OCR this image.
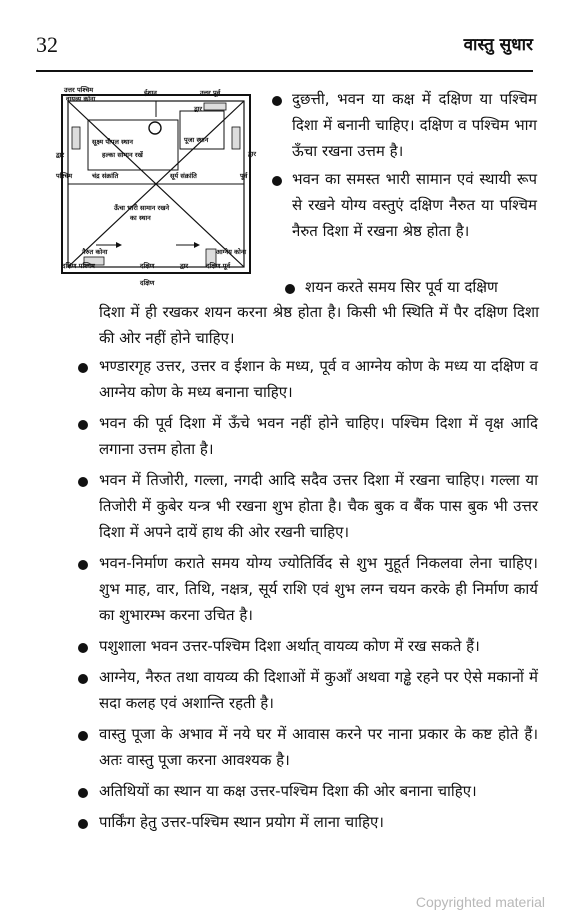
32	वास्तु सुधार
उत्तर पश्चिम
वायव्य कोना
ईशान	उत्तर पूर्व
द्वार
सूक्ष्म पीपल स्थान	पूजा स्थान
हल्का सामान रखें
द्वार	द्वार
पश्चिम	चंद्र संक्रांति	सूर्य संक्रांति	पूर्व
ऊँचा भारी सामान रखने
का स्थान
नैरुत कोना	आग्नेय कोना
दक्षिण पश्चिम	दक्षिण	द्वार	दक्षिण पूर्व
दक्षिण
दुछत्ती, भवन या कक्ष में दक्षिण या पश्चिम दिशा में बनानी चाहिए। दक्षिण व पश्चिम भाग ऊँचा रखना उत्तम है।
भवन का समस्त भारी सामान एवं स्थायी रूप से रखने योग्य वस्तुएं दक्षिण नैरुत या पश्चिम नैरुत दिशा में रखना श्रेष्ठ होता है।
शयन करते समय सिर पूर्व या दक्षिण
दिशा में ही रखकर शयन करना श्रेष्ठ होता है। किसी भी स्थिति में पैर दक्षिण दिशा की ओर नहीं होने चाहिए।
भण्डारगृह उत्तर, उत्तर व ईशान के मध्य, पूर्व व आग्नेय कोण के मध्य या दक्षिण व आग्नेय कोण के मध्य बनाना चाहिए।
भवन की पूर्व दिशा में ऊँचे भवन नहीं होने चाहिए। पश्चिम दिशा में वृक्ष आदि लगाना उत्तम होता है।
भवन में तिजोरी, गल्ला, नगदी आदि सदैव उत्तर दिशा में रखना चाहिए। गल्ला या तिजोरी में कुबेर यन्त्र भी रखना शुभ होता है। चैक बुक व बैंक पास बुक भी उत्तर दिशा में अपने दायें हाथ की ओर रखनी चाहिए।
भवन-निर्माण कराते समय योग्य ज्योतिर्विद से शुभ मुहूर्त निकलवा लेना चाहिए। शुभ माह, वार, तिथि, नक्षत्र, सूर्य राशि एवं शुभ लग्न चयन करके ही निर्माण कार्य का शुभारम्भ करना उचित है।
पशुशाला भवन उत्तर-पश्चिम दिशा अर्थात् वायव्य कोण में रख सकते हैं।
आग्नेय, नैरुत तथा वायव्य की दिशाओं में कुआँ अथवा गड्ढे रहने पर ऐसे मकानों में सदा कलह एवं अशान्ति रहती है।
वास्तु पूजा के अभाव में नये घर में आवास करने पर नाना प्रकार के कष्ट होते हैं। अतः वास्तु पूजा करना आवश्यक है।
अतिथियों का स्थान या कक्ष उत्तर-पश्चिम दिशा की ओर बनाना चाहिए।
पार्किंग हेतु उत्तर-पश्चिम स्थान प्रयोग में लाना चाहिए।
Copyrighted material
